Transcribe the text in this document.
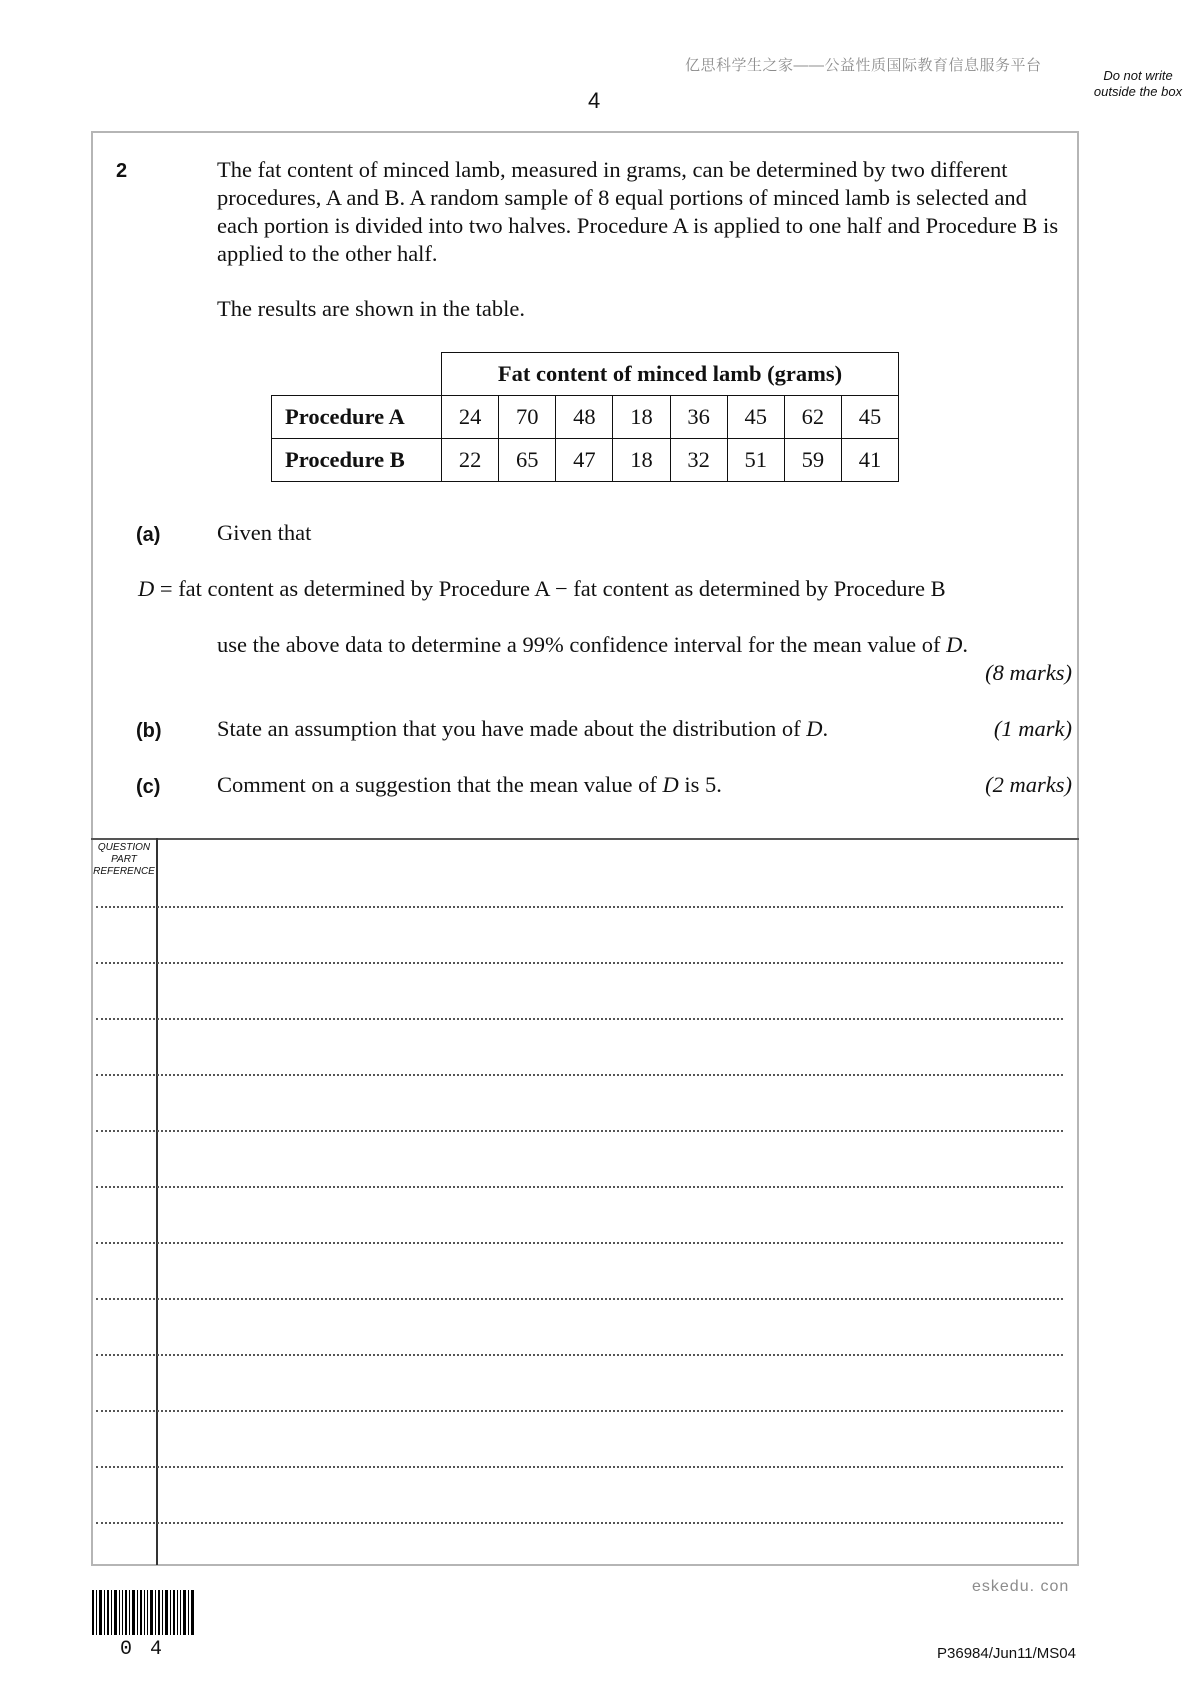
亿思科学生之家——公益性质国际教育信息服务平台
4
Do not write outside the box
2	The fat content of minced lamb, measured in grams, can be determined by two different procedures, A and B. A random sample of 8 equal portions of minced lamb is selected and each portion is divided into two halves. Procedure A is applied to one half and Procedure B is applied to the other half.
The results are shown in the table.
	Fat content of minced lamb (grams)							
Procedure A	24	70	48	18	36	45	62	45
Procedure B	22	65	47	18	32	51	59	41
(a)	Given that
D = fat content as determined by Procedure A − fat content as determined by Procedure B
use the above data to determine a 99% confidence interval for the mean value of D.
(8 marks)
(b) State an assumption that you have made about the distribution of D.	(1 mark)
(c)	Comment on a suggestion that the mean value of D is 5.	(2 marks)
QUESTION PART REFERENCE
eskedu. con
04	P36984/Jun11/MS04
